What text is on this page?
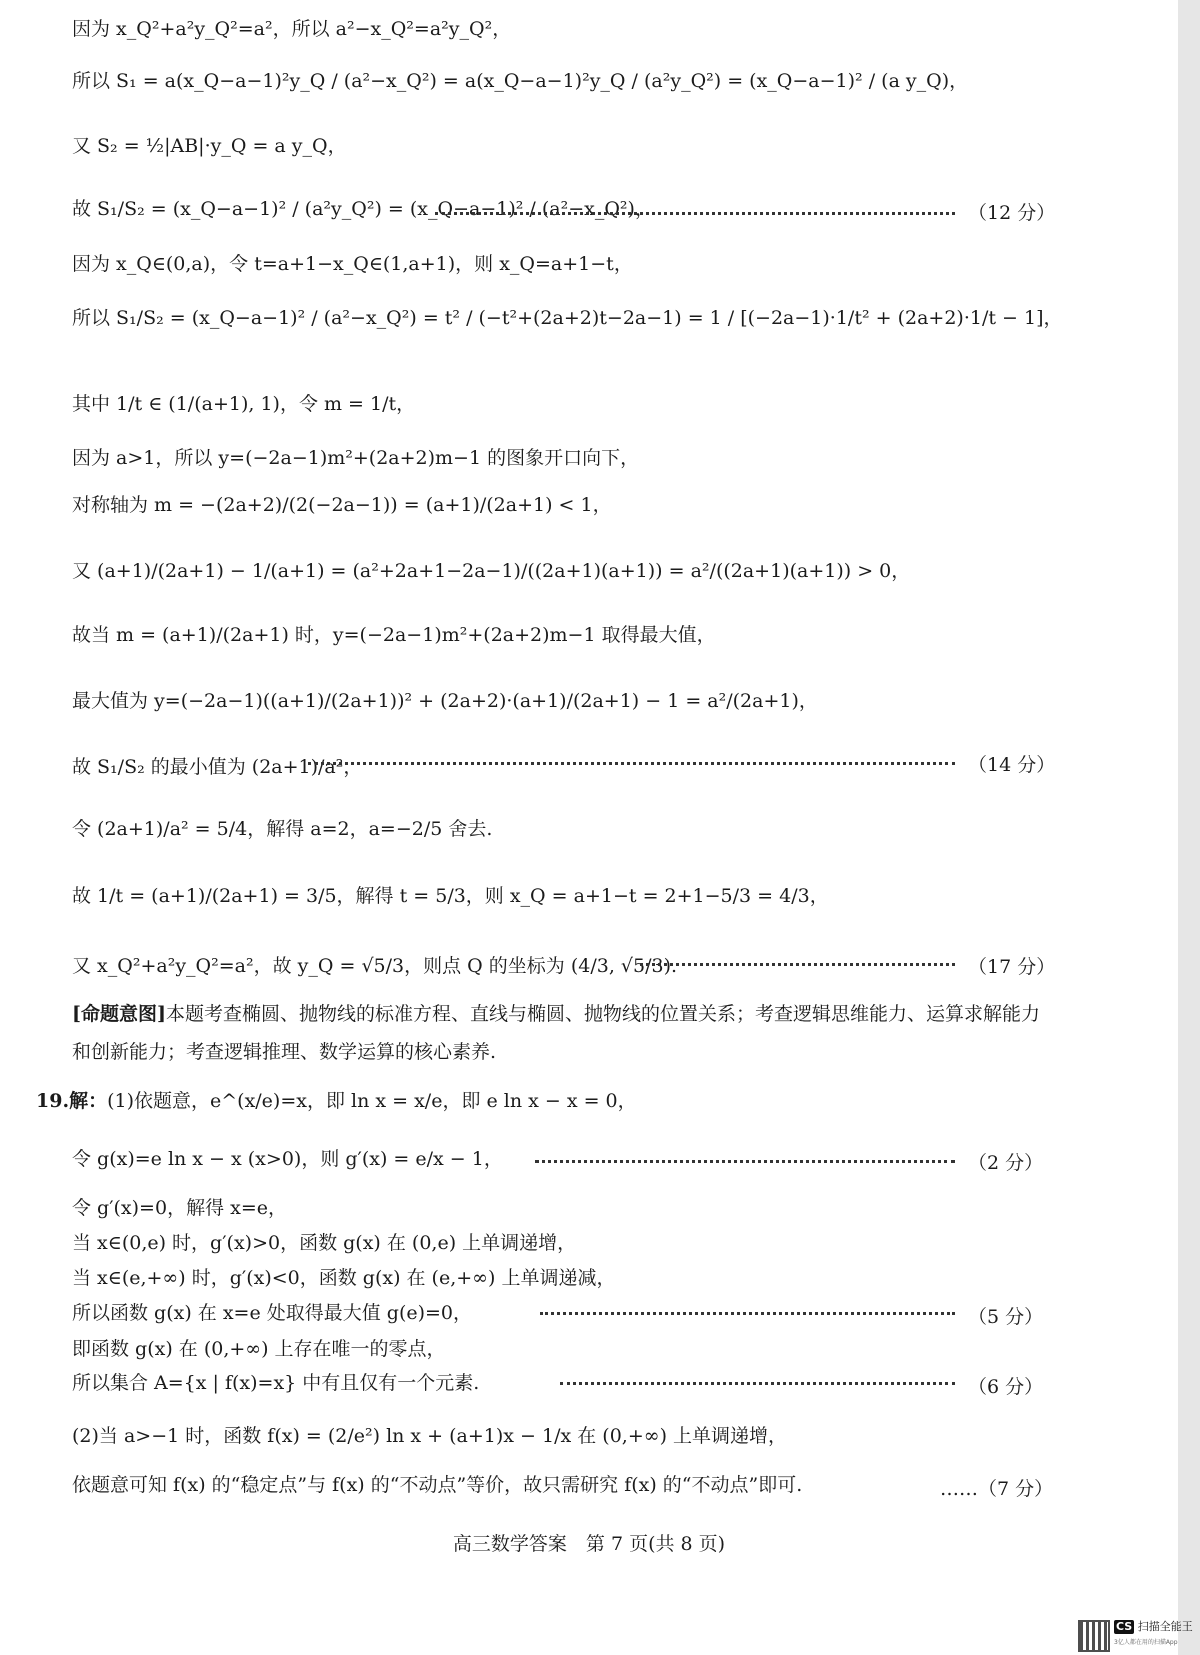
因为 x_Q²+a²y_Q²=a²，所以 a²−x_Q²=a²y_Q²，
所以 S₁ = a(x_Q−a−1)²y_Q / (a²−x_Q²) = a(x_Q−a−1)²y_Q / (a²y_Q²) = (x_Q−a−1)² / (a y_Q)，
又 S₂ = ½|AB|·y_Q = a y_Q，
故 S₁/S₂ = (x_Q−a−1)² / (a²y_Q²) = (x_Q−a−1)² / (a²−x_Q²)，	（12 分）
因为 x_Q∈(0,a)，令 t=a+1−x_Q∈(1,a+1)，则 x_Q=a+1−t，
所以 S₁/S₂ = (x_Q−a−1)² / (a²−x_Q²) = t² / (−t²+(2a+2)t−2a−1) = 1 / [(−2a−1)·1/t² + (2a+2)·1/t − 1]，
其中 1/t ∈ (1/(a+1), 1)，令 m = 1/t，
因为 a>1，所以 y=(−2a−1)m²+(2a+2)m−1 的图象开口向下，
对称轴为 m = −(2a+2)/(2(−2a−1)) = (a+1)/(2a+1) < 1，
又 (a+1)/(2a+1) − 1/(a+1) = (a²+2a+1−2a−1)/((2a+1)(a+1)) = a²/((2a+1)(a+1)) > 0，
故当 m = (a+1)/(2a+1) 时，y=(−2a−1)m²+(2a+2)m−1 取得最大值，
最大值为 y=(−2a−1)((a+1)/(2a+1))² + (2a+2)·(a+1)/(2a+1) − 1 = a²/(2a+1)，
故 S₁/S₂ 的最小值为 (2a+1)/a²，	（14 分）
令 (2a+1)/a² = 5/4，解得 a=2，a=−2/5 舍去.
故 1/t = (a+1)/(2a+1) = 3/5，解得 t = 5/3，则 x_Q = a+1−t = 2+1−5/3 = 4/3，
又 x_Q²+a²y_Q²=a²，故 y_Q = √5/3，则点 Q 的坐标为 (4/3, √5/3).	（17 分）
[命题意图]本题考查椭圆、抛物线的标准方程、直线与椭圆、抛物线的位置关系；考查逻辑思维能力、运算求解能力和创新能力；考查逻辑推理、数学运算的核心素养.
19.解：(1)依题意，e^(x/e)=x，即 ln x = x/e，即 e ln x − x = 0，
令 g(x)=e ln x − x (x>0)，则 g′(x) = e/x − 1，	（2 分）
令 g′(x)=0，解得 x=e，
当 x∈(0,e) 时，g′(x)>0，函数 g(x) 在 (0,e) 上单调递增，
当 x∈(e,+∞) 时，g′(x)<0，函数 g(x) 在 (e,+∞) 上单调递减，
所以函数 g(x) 在 x=e 处取得最大值 g(e)=0，	（5 分）
即函数 g(x) 在 (0,+∞) 上存在唯一的零点，
所以集合 A={x | f(x)=x} 中有且仅有一个元素.	（6 分）
(2)当 a>−1 时，函数 f(x) = (2/e²) ln x + (a+1)x − 1/x 在 (0,+∞) 上单调递增，
依题意可知 f(x) 的“稳定点”与 f(x) 的“不动点”等价，故只需研究 f(x) 的“不动点”即可.	……（7 分）
高三数学答案　第 7 页(共 8 页)
CS 扫描全能王
3亿人都在用的扫描App
